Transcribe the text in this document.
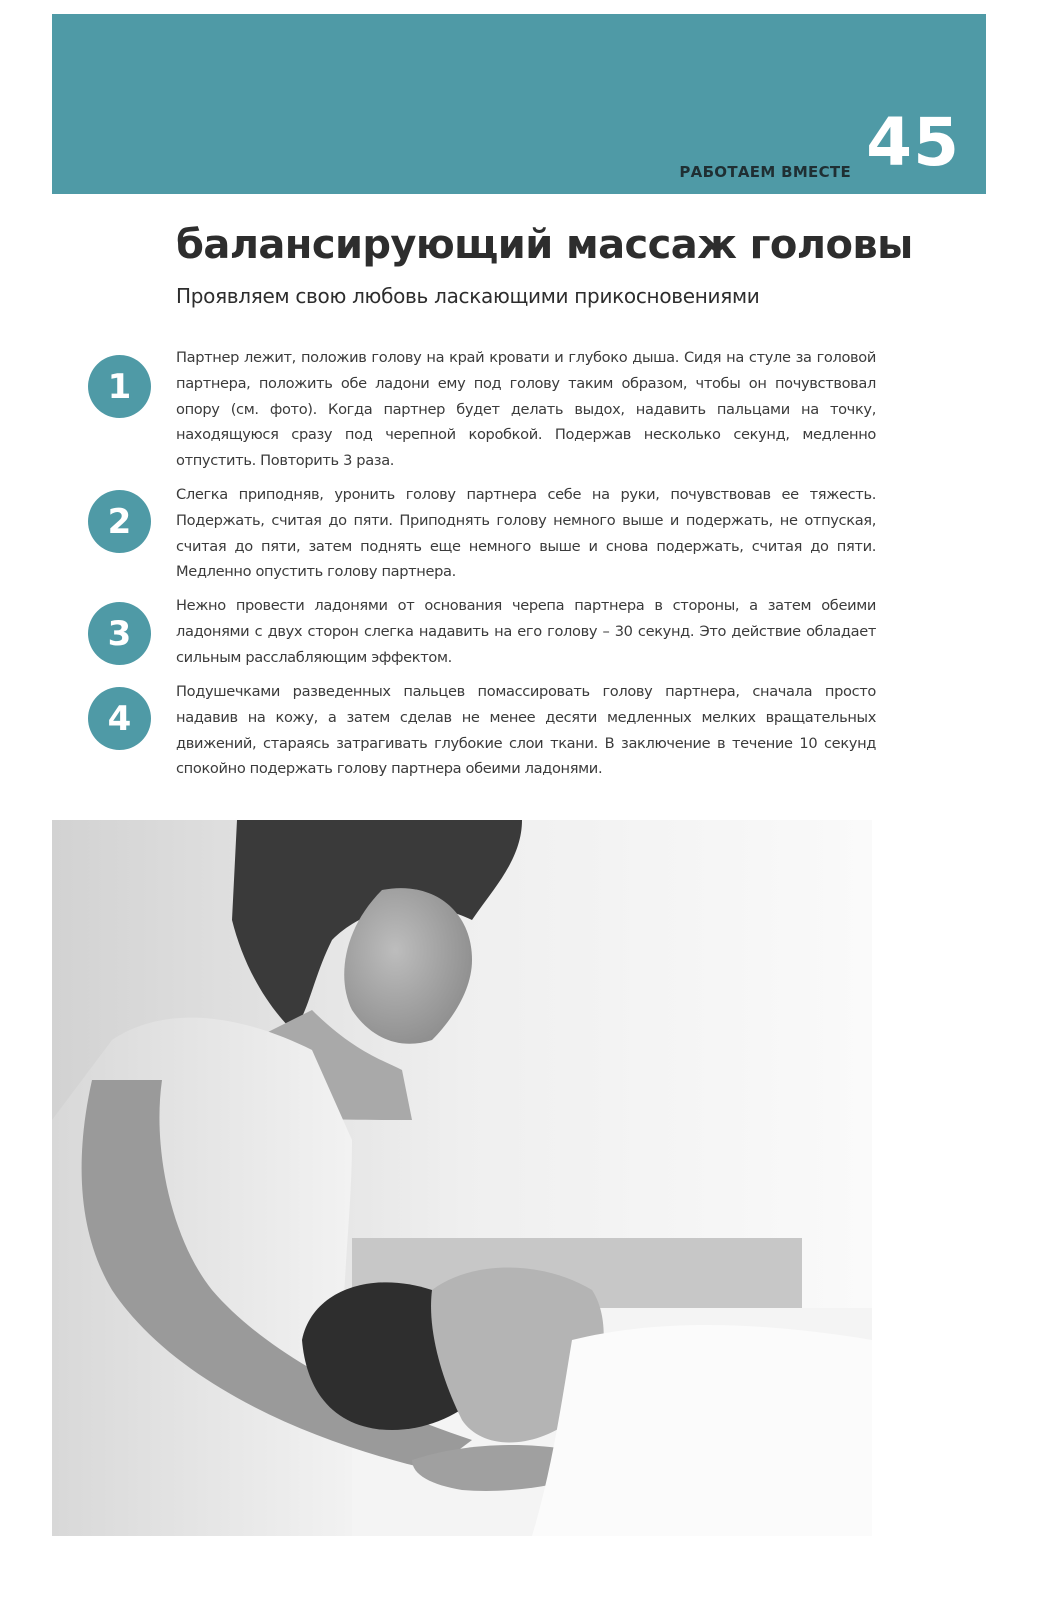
РАБОТАЕМ ВМЕСТЕ 45
балансирующий массаж головы
Проявляем свою любовь ласкающими прикосновениями
1

Партнер лежит, положив голову на край кровати и глубоко дыша. Сидя на стуле за головой партнера, положить обе ладони ему под голову таким образом, чтобы он почувствовал опору (см. фото). Когда партнер будет делать выдох, надавить пальцами на точку, находящуюся сразу под черепной коробкой. Подержав несколько секунд, медленно отпустить. Повторить 3 раза.

2

Слегка приподняв, уронить голову партнера себе на руки, почувствовав ее тяжесть. Подержать, считая до пяти. Приподнять голову немного выше и подержать, не отпуская, считая до пяти, затем поднять еще немного выше и снова подержать, считая до пяти. Медленно опустить голову партнера.

3

Нежно провести ладонями от основания черепа партнера в стороны, а затем обеими ладонями с двух сторон слегка надавить на его голову – 30 секунд. Это действие обладает сильным расслабляющим эффектом.

4

Подушечками разведенных пальцев помассировать голову партнера, сначала просто надавив на кожу, а затем сделав не менее десяти медленных мелких вращательных движений, стараясь затрагивать глубокие слои ткани. В заключение в течение 10 секунд спокойно подержать голову партнера обеими ладонями.
